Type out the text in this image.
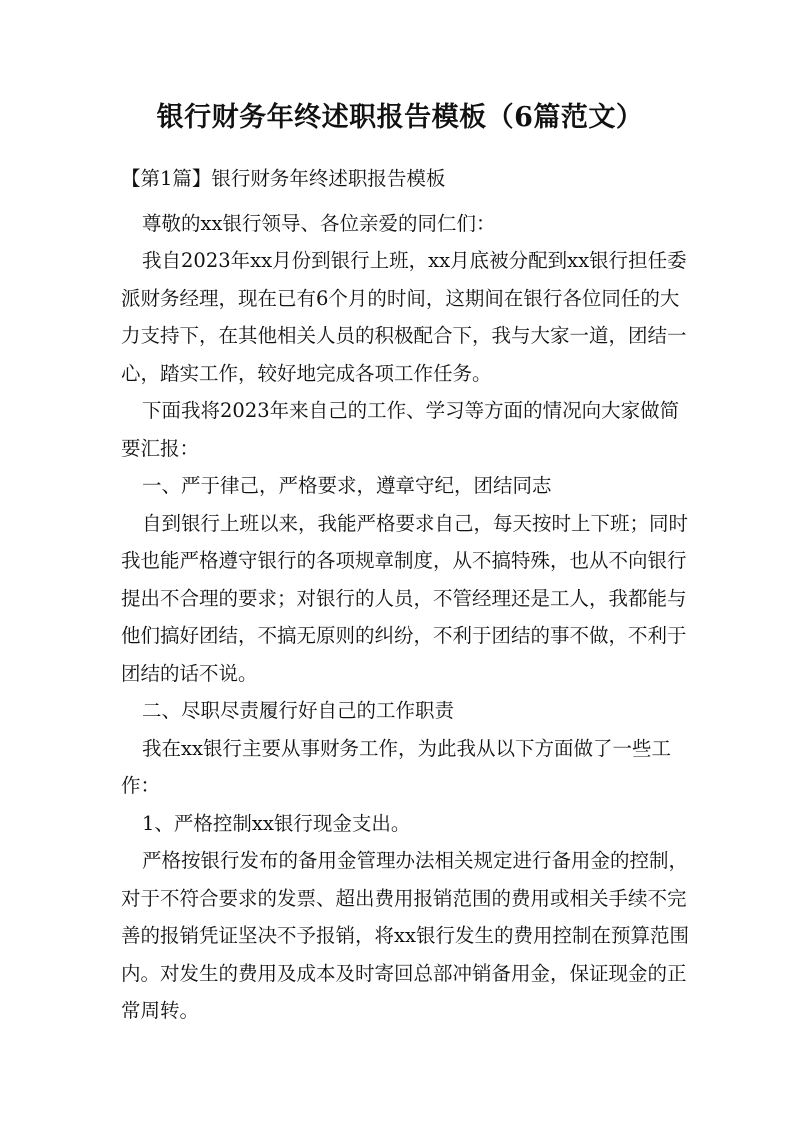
银行财务年终述职报告模板（6篇范文）

【第1篇】银行财务年终述职报告模板

尊敬的xx银行领导、各位亲爱的同仁们：

我自2023年xx月份到银行上班，xx月底被分配到xx银行担任委派财务经理，现在已有6个月的时间，这期间在银行各位同任的大力支持下，在其他相关人员的积极配合下，我与大家一道，团结一心，踏实工作，较好地完成各项工作任务。

下面我将2023年来自己的工作、学习等方面的情况向大家做简要汇报：

一、严于律己，严格要求，遵章守纪，团结同志

自到银行上班以来，我能严格要求自己，每天按时上下班；同时我也能严格遵守银行的各项规章制度，从不搞特殊，也从不向银行提出不合理的要求；对银行的人员，不管经理还是工人，我都能与他们搞好团结，不搞无原则的纠纷，不利于团结的事不做，不利于团结的话不说。

二、尽职尽责履行好自己的工作职责

我在xx银行主要从事财务工作，为此我从以下方面做了一些工作：

1、严格控制xx银行现金支出。

严格按银行发布的备用金管理办法相关规定进行备用金的控制，对于不符合要求的发票、超出费用报销范围的费用或相关手续不完善的报销凭证坚决不予报销，将xx银行发生的费用控制在预算范围内。对发生的费用及成本及时寄回总部冲销备用金，保证现金的正常周转。
